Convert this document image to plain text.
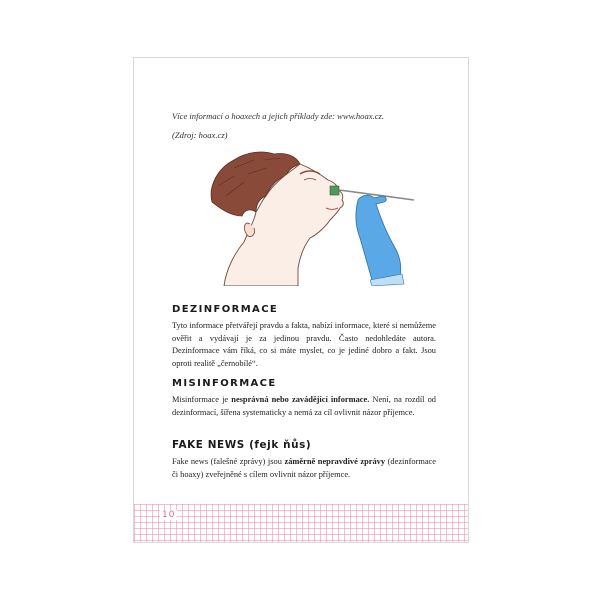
Více informací o hoaxech a jejich příklady zde: www.hoax.cz.
(Zdroj: hoax.cz)
DEZINFORMACE
Tyto informace přetvářejí pravdu a fakta, nabízí informace, které si nemůžeme ověřit a vydávají je za jedinou pravdu. Často nedohledáte autora. Dezinformace vám říká, co si máte myslet, co je jediné dobro a fakt. Jsou oproti realitě „černobílé“.
MISINFORMACE
Misinformace je nesprávná nebo zavádějící informace. Není, na rozdíl od dezinformací, šířena systematicky a nemá za cíl ovlivnit názor příjemce.
FAKE NEWS (fejk ňůs)
Fake news (falešné zprávy) jsou záměrně nepravdivé zprávy (dezinformace či hoaxy) zveřejněné s cílem ovlivnit názor příjemce.
10
